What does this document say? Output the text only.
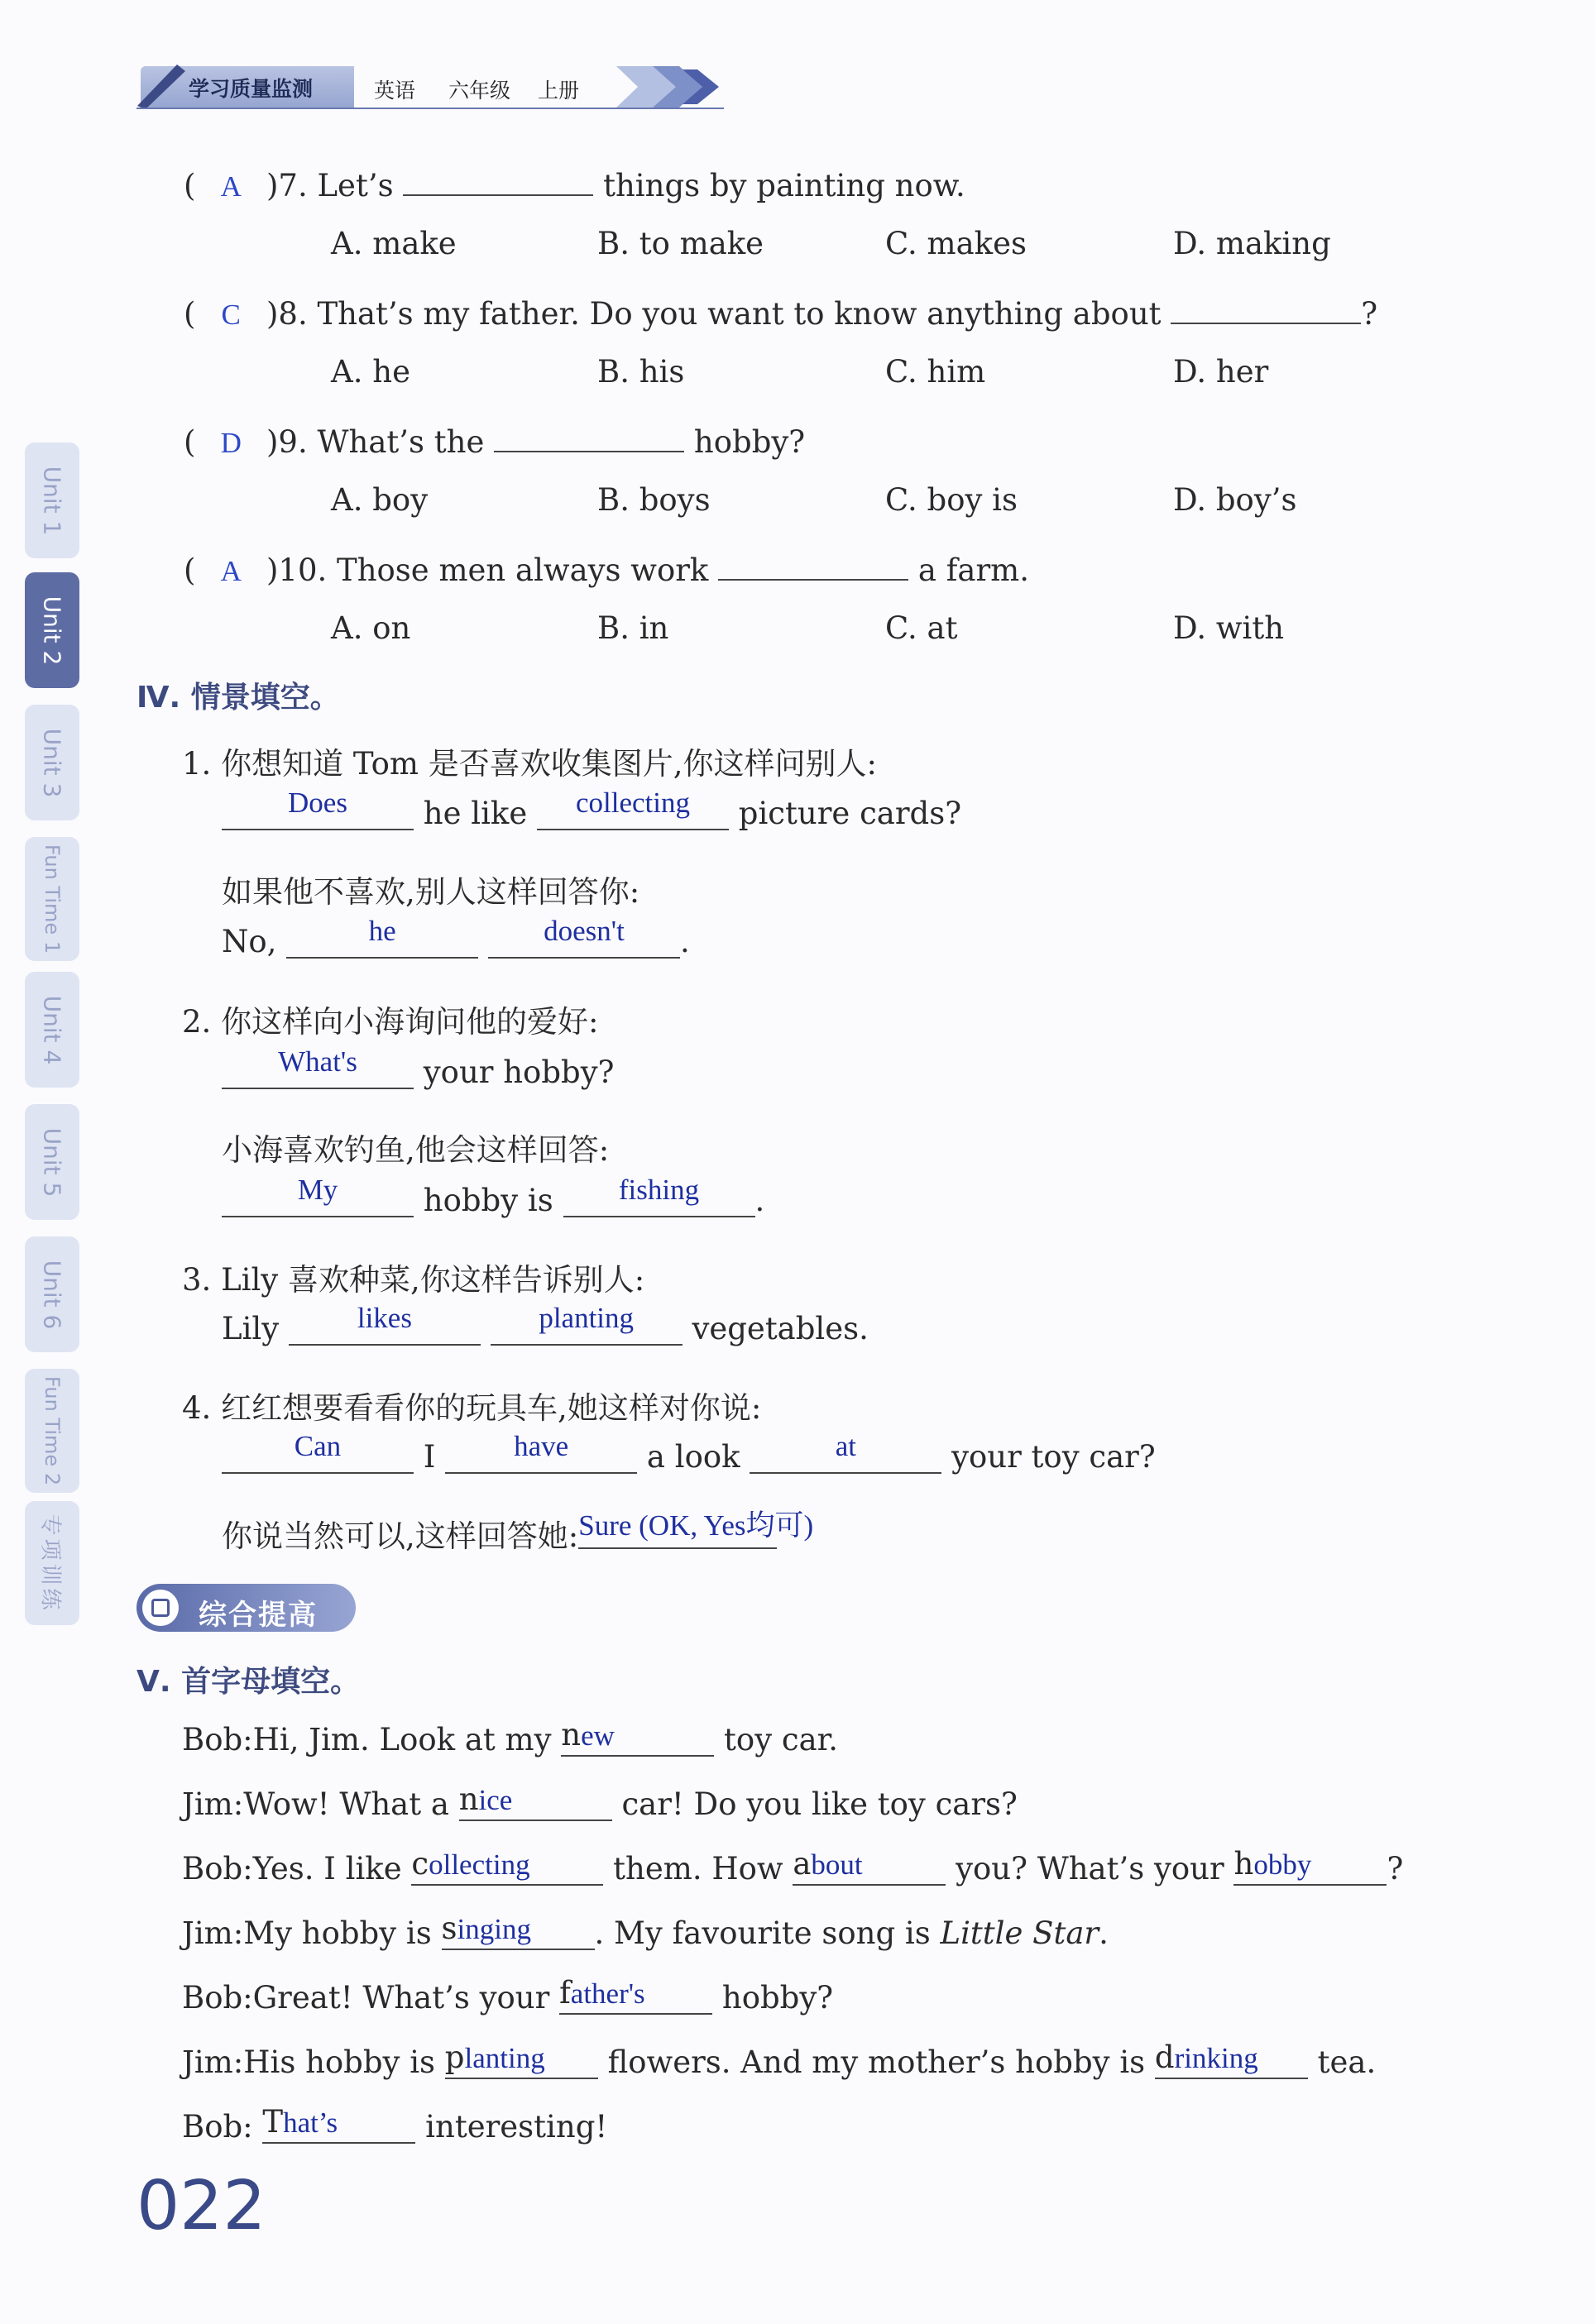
学习质量监测	英语 六年级 上册
Unit 1
Unit 2
Unit 3
Fun Time 1
Unit 4
Unit 5
Unit 6
Fun Time 2
专项训练
( A )7. Let’s	things by painting now.
A. make	B. to make	C. makes	D. making
( C )8. That’s my father. Do you want to know anything about	?
A. he	B. his	C. him	D. her
( D )9. What’s the	hobby?
A. boy	B. boys	C. boy is	D. boy’s
( A )10. Those men always work	a farm.
A. on	B. in	C. at	D. with
Ⅳ. 情景填空。
1. 你想知道 Tom 是否喜欢收集图片,你这样问别人:
Does he like collecting picture cards?
如果他不喜欢,别人这样回答你:
No,	he	doesn't .
2. 你这样向小海询问他的爱好:
What's your hobby?
小海喜欢钓鱼,他会这样回答:
My	hobby is fishing .
3. Lily 喜欢种菜,你这样告诉别人:
Lily	likes	planting vegetables.
4. 红红想要看看你的玩具车,她这样对你说:
Can	I	have	a look	at	your toy car?
你说当然可以,这样回答她:Sure (OK, Yes均可)
综合提高
Ⅴ. 首字母填空。
Bob:Hi, Jim. Look at my new	toy car.
Jim:Wow! What a nice	car! Do you like toy cars?
Bob:Yes. I like collecting	them. How about	you? What’s your hobby ?
Jim:My hobby is singing . My favourite song is Little Star.
Bob:Great! What’s your father's	hobby?
Jim:His hobby is planting flowers. And my mother’s hobby is drinking tea.
Bob: That’s	interesting!
022
